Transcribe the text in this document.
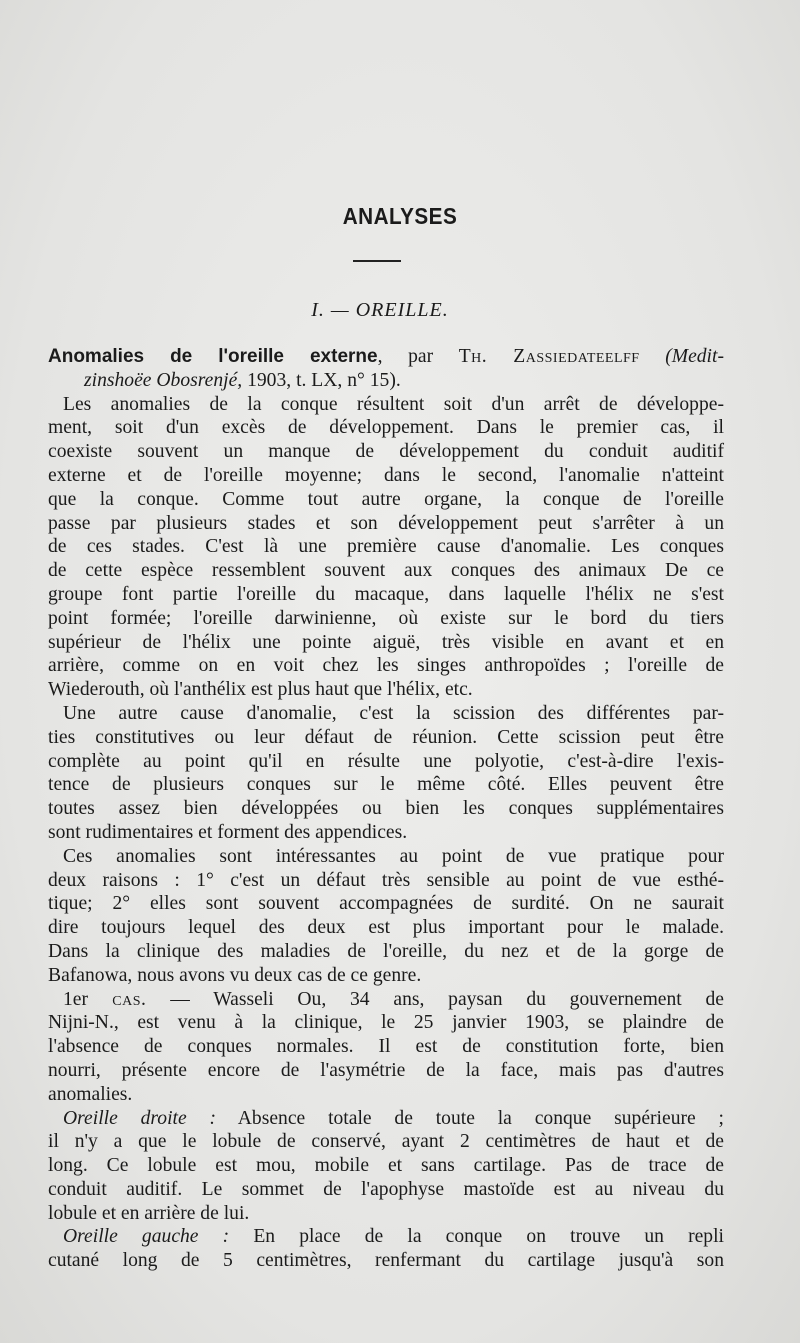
ANALYSES
I. — OREILLE.
Anomalies de l'oreille externe, par Th. Zassiedateelff (Medit-
zinshoëe Obosrenjé, 1903, t. LX, n° 15).
Les anomalies de la conque résultent soit d'un arrêt de développe-
ment, soit d'un excès de développement. Dans le premier cas, il
coexiste souvent un manque de développement du conduit auditif
externe et de l'oreille moyenne; dans le second, l'anomalie n'atteint
que la conque. Comme tout autre organe, la conque de l'oreille
passe par plusieurs stades et son développement peut s'arrêter à un
de ces stades. C'est là une première cause d'anomalie. Les conques
de cette espèce ressemblent souvent aux conques des animaux De ce
groupe font partie l'oreille du macaque, dans laquelle l'hélix ne s'est
point formée; l'oreille darwinienne, où existe sur le bord du tiers
supérieur de l'hélix une pointe aiguë, très visible en avant et en
arrière, comme on en voit chez les singes anthropoïdes ; l'oreille de
Wiederouth, où l'anthélix est plus haut que l'hélix, etc.
Une autre cause d'anomalie, c'est la scission des différentes par-
ties constitutives ou leur défaut de réunion. Cette scission peut être
complète au point qu'il en résulte une polyotie, c'est-à-dire l'exis-
tence de plusieurs conques sur le même côté. Elles peuvent être
toutes assez bien développées ou bien les conques supplémentaires
sont rudimentaires et forment des appendices.
Ces anomalies sont intéressantes au point de vue pratique pour
deux raisons : 1° c'est un défaut très sensible au point de vue esthé-
tique; 2° elles sont souvent accompagnées de surdité. On ne saurait
dire toujours lequel des deux est plus important pour le malade.
Dans la clinique des maladies de l'oreille, du nez et de la gorge de
Bafanowa, nous avons vu deux cas de ce genre.
1er cas. — Wasseli Ou, 34 ans, paysan du gouvernement de
Nijni-N., est venu à la clinique, le 25 janvier 1903, se plaindre de
l'absence de conques normales. Il est de constitution forte, bien
nourri, présente encore de l'asymétrie de la face, mais pas d'autres
anomalies.
Oreille droite : Absence totale de toute la conque supérieure ;
il n'y a que le lobule de conservé, ayant 2 centimètres de haut et de
long. Ce lobule est mou, mobile et sans cartilage. Pas de trace de
conduit auditif. Le sommet de l'apophyse mastoïde est au niveau du
lobule et en arrière de lui.
Oreille gauche : En place de la conque on trouve un repli
cutané long de 5 centimètres, renfermant du cartilage jusqu'à son
